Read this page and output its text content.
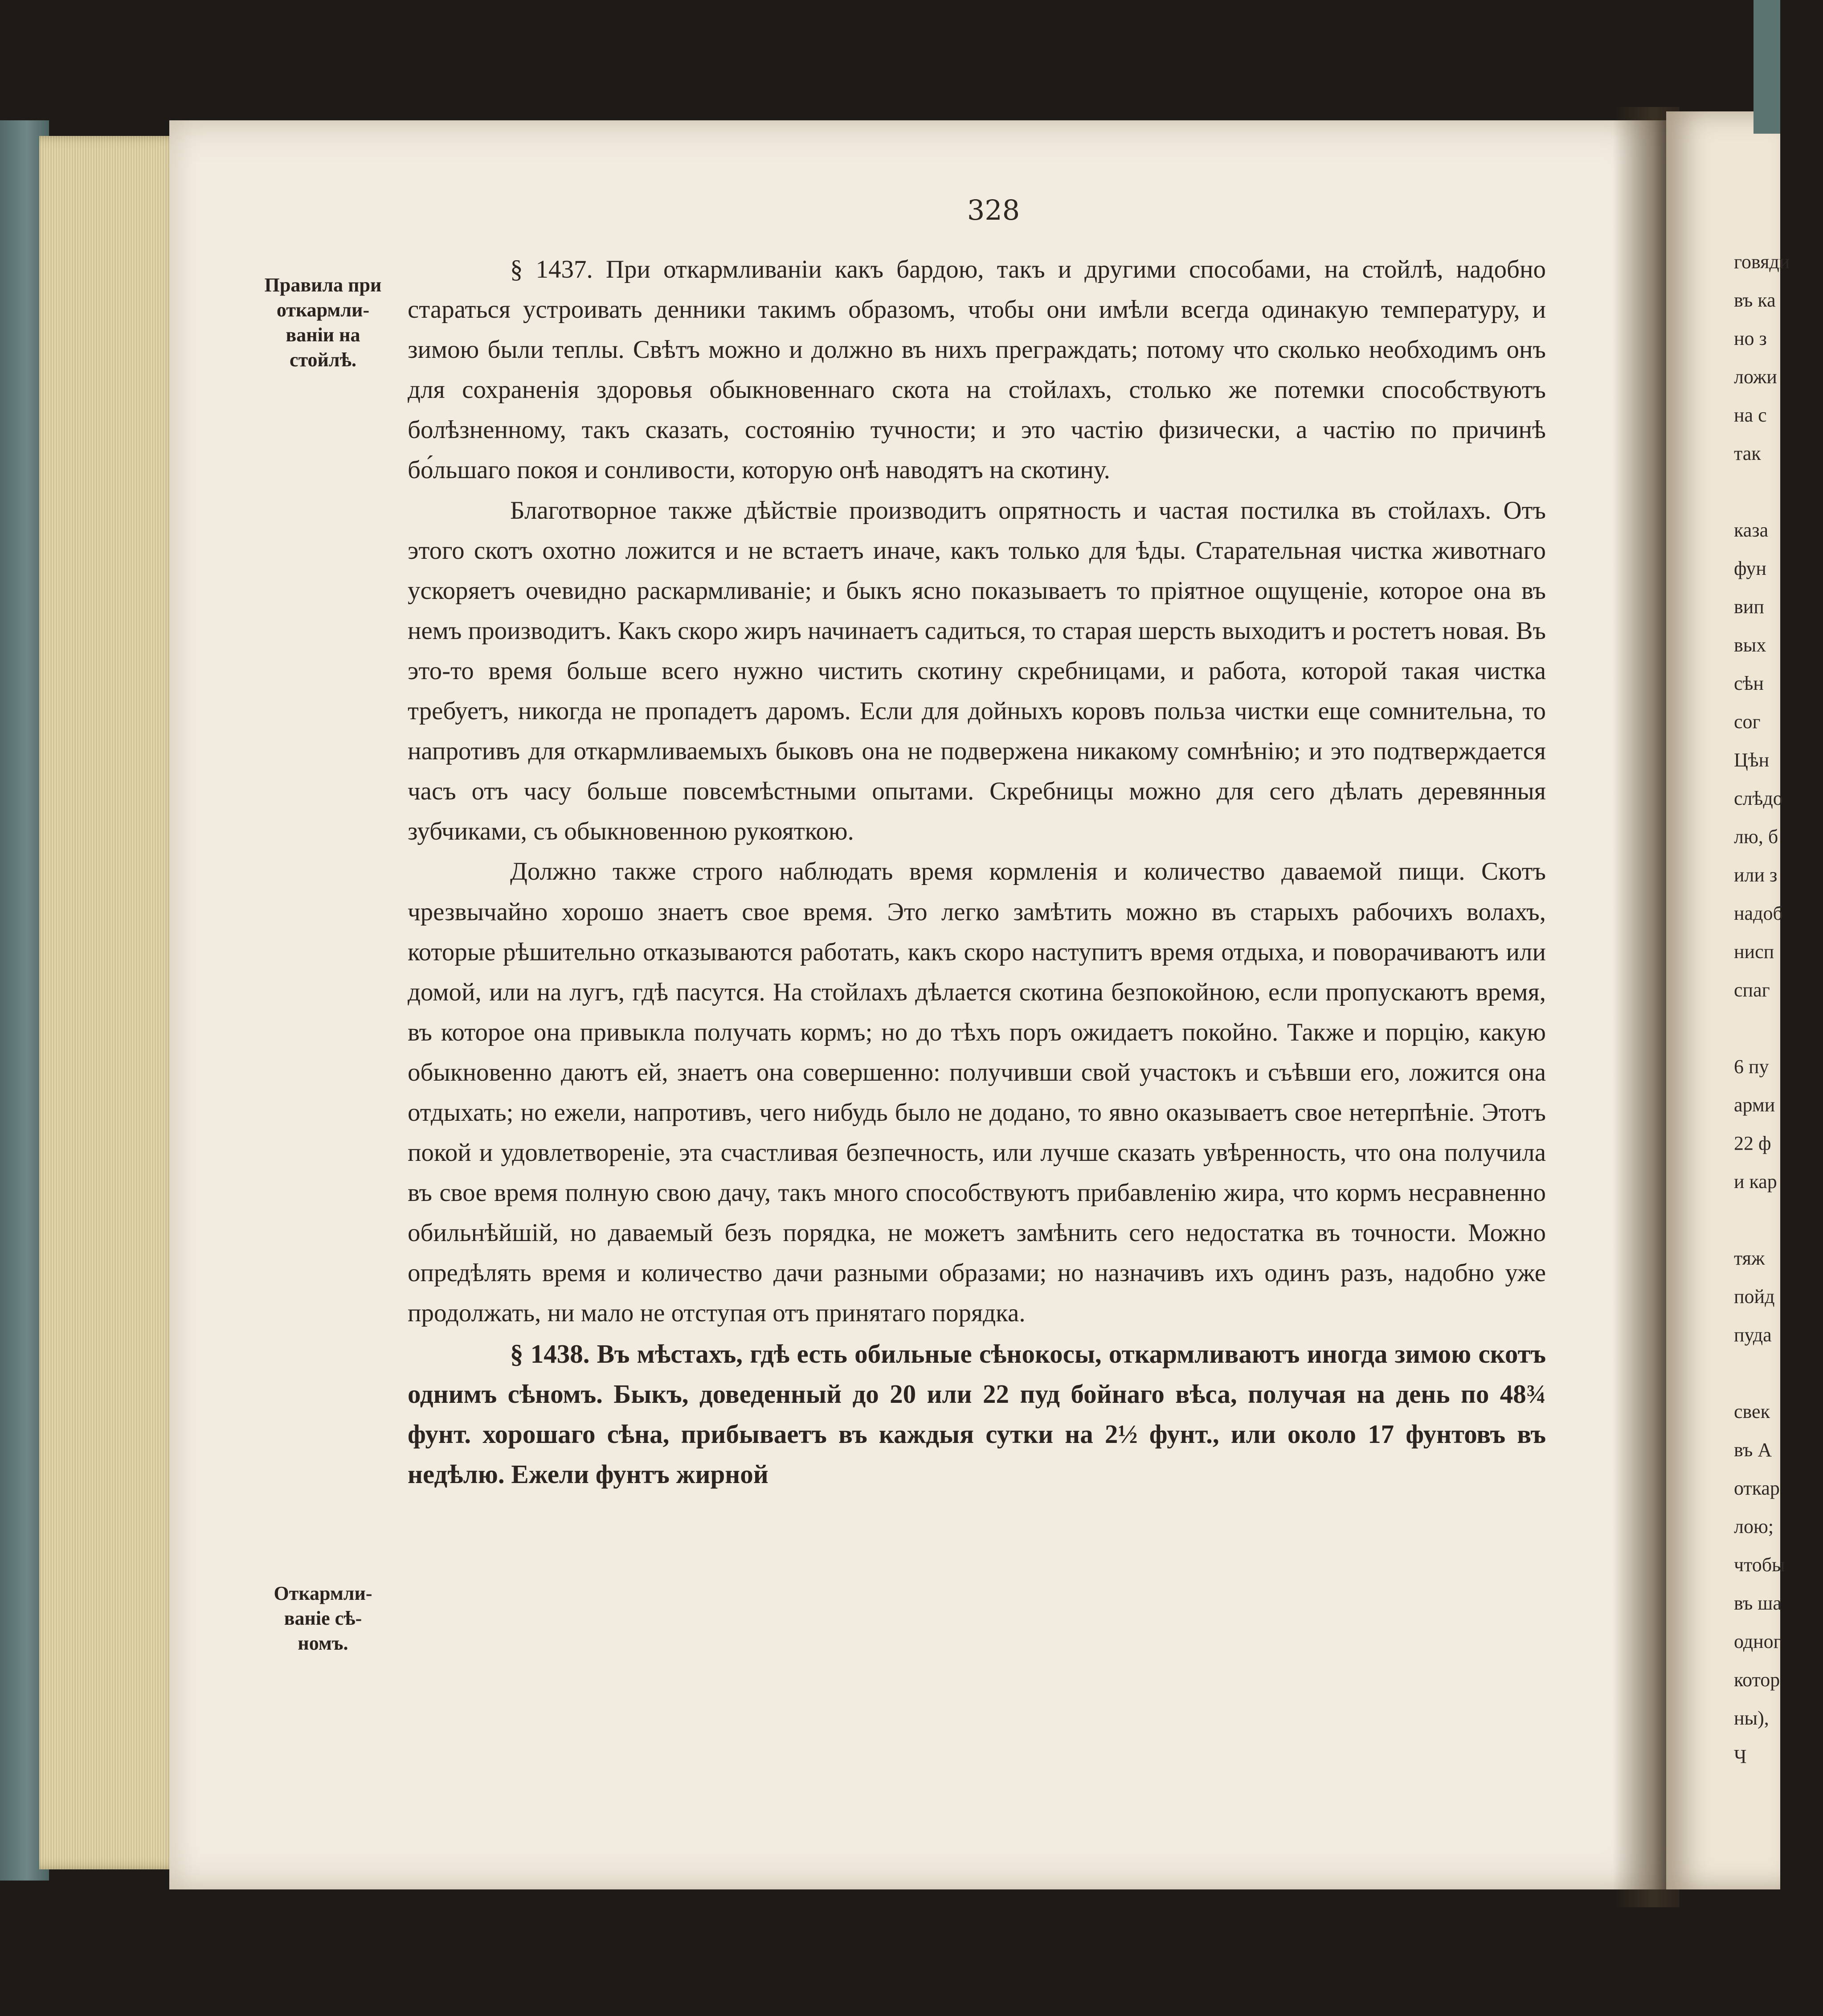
328
Правила при откармли-ваніи на стойлѣ.
Откармли-ваніе сѣ-номъ.

§ 1437. При откармливаніи какъ бардою, такъ и другими способами, на стойлѣ, надобно стараться устроивать денники такимъ образомъ, чтобы они имѣли всегда одинакую температуру, и зимою были теплы. Свѣтъ можно и должно въ нихъ преграждать; потому что сколько необходимъ онъ для сохраненія здоровья обыкновеннаго скота на стойлахъ, столько же потемки способствуютъ болѣзненному, такъ сказать, состоянію тучности; и это частію физически, а частію по причинѣ бо́льшаго покоя и сонливости, которую онѣ наводятъ на скотину.

Благотворное также дѣйствіе производитъ опрятность и частая постилка въ стойлахъ. Отъ этого скотъ охотно ложится и не встаетъ иначе, какъ только для ѣды. Старательная чистка животнаго ускоряетъ очевидно раскармливаніе; и быкъ ясно показываетъ то пріятное ощущеніе, которое она въ немъ производитъ. Какъ скоро жиръ начинаетъ садиться, то старая шерсть выходитъ и ростетъ новая. Въ это-то время больше всего нужно чистить скотину скребницами, и работа, которой такая чистка требуетъ, никогда не пропадетъ даромъ. Если для дойныхъ коровъ польза чистки еще сомнительна, то напротивъ для откармливаемыхъ быковъ она не подвержена никакому сомнѣнію; и это подтверждается часъ отъ часу больше повсемѣстными опытами. Скребницы можно для сего дѣлать деревянныя зубчиками, съ обыкновенною рукояткою.

Должно также строго наблюдать время кормленія и количество даваемой пищи. Скотъ чрезвычайно хорошо знаетъ свое время. Это легко замѣтить можно въ старыхъ рабочихъ волахъ, которые рѣшительно отказываются работать, какъ скоро наступитъ время отдыха, и поворачиваютъ или домой, или на лугъ, гдѣ пасутся. На стойлахъ дѣлается скотина безпокойною, если пропускаютъ время, въ которое она привыкла получать кормъ; но до тѣхъ поръ ожидаетъ покойно. Также и порцію, какую обыкновенно даютъ ей, знаетъ она совершенно: получивши свой участокъ и съѣвши его, ложится она отдыхать; но ежели, напротивъ, чего нибудь было не додано, то явно оказываетъ свое нетерпѣніе. Этотъ покой и удовлетвореніе, эта счастливая безпечность, или лучше сказать увѣренность, что она получила въ свое время полную свою дачу, такъ много способствуютъ прибавленію жира, что кормъ несравненно обильнѣйшій, но даваемый безъ порядка, не можетъ замѣнить сего недостатка въ точности. Можно опредѣлять время и количество дачи разными образами; но назначивъ ихъ одинъ разъ, надобно уже продолжать, ни мало не отступая отъ принятаго порядка.

§ 1438. Въ мѣстахъ, гдѣ есть обильные сѣнокосы, откармливаютъ иногда зимою скотъ однимъ сѣномъ. Быкъ, доведенный до 20 или 22 пуд бойнаго вѣса, получая на день по 48¾ фунт. хорошаго сѣна, прибываетъ въ каждыя сутки на 2½ фунт., или около 17 фунтовъ въ недѣлю. Ежели фунтъ жирной

говяди
въ ка
но з
ложи
на с
так
каза
фун
вип
вых
сѣн
сог
Цѣн
слѣдо
лю, б
или з
надоб
нисп
спаг
6 пу
арми
22 ф
и кар
тяж
пойд
пуда
свек
въ А
откар
лою;
чтобы
въ ша
одног
котор
ны),
Ч
